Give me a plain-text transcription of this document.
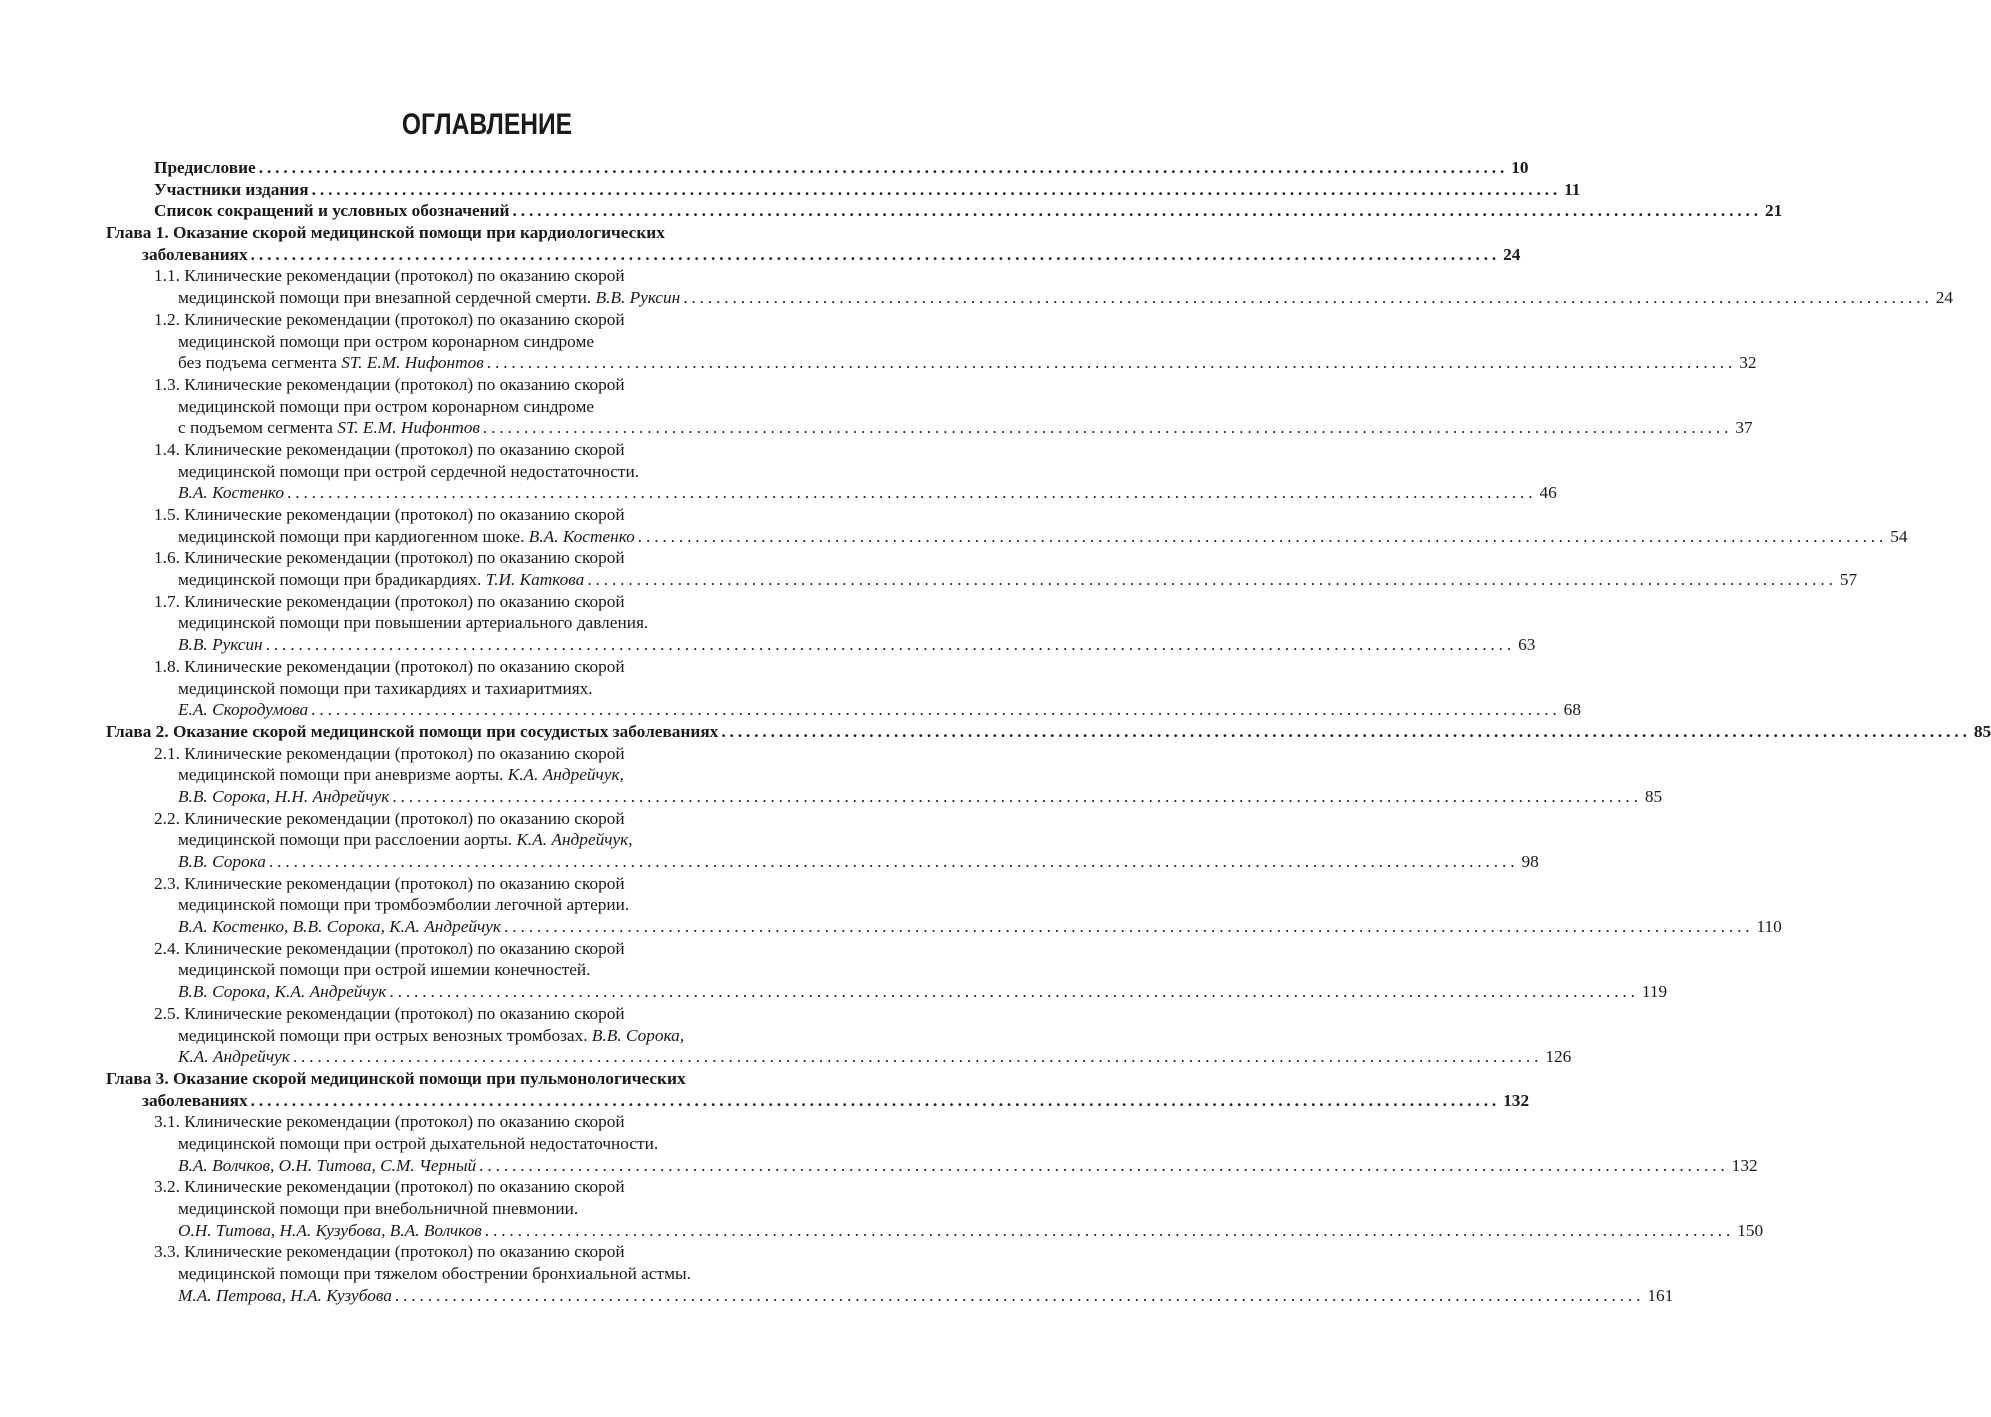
ОГЛАВЛЕНИЕ
Предисловие ........................................................................................................................................................ 10
Участники издания ........................................................................................................................................................ 11
Список сокращений и условных обозначений ........................................................................................................................................................ 21
Глава 1. Оказание скорой медицинской помощи при кардиологических
заболеваниях ........................................................................................................................................................ 24
1.1. Клинические рекомендации (протокол) по оказанию скорой
медицинской помощи при внезапной сердечной смерти. В.В. Руксин ........................................................................................................................................................ 24
1.2. Клинические рекомендации (протокол) по оказанию скорой
медицинской помощи при остром коронарном синдроме
без подъема сегмента ST. Е.М. Нифонтов ........................................................................................................................................................ 32
1.3. Клинические рекомендации (протокол) по оказанию скорой
медицинской помощи при остром коронарном синдроме
с подъемом сегмента ST. Е.М. Нифонтов ........................................................................................................................................................ 37
1.4. Клинические рекомендации (протокол) по оказанию скорой
медицинской помощи при острой сердечной недостаточности.
В.А. Костенко ........................................................................................................................................................ 46
1.5. Клинические рекомендации (протокол) по оказанию скорой
медицинской помощи при кардиогенном шоке. В.А. Костенко ........................................................................................................................................................ 54
1.6. Клинические рекомендации (протокол) по оказанию скорой
медицинской помощи при брадикардиях. Т.И. Каткова ........................................................................................................................................................ 57
1.7. Клинические рекомендации (протокол) по оказанию скорой
медицинской помощи при повышении артериального давления.
В.В. Руксин ........................................................................................................................................................ 63
1.8. Клинические рекомендации (протокол) по оказанию скорой
медицинской помощи при тахикардиях и тахиаритмиях.
Е.А. Скородумова ........................................................................................................................................................ 68
Глава 2. Оказание скорой медицинской помощи при сосудистых заболеваниях ........................................................................................................................................................ 85
2.1. Клинические рекомендации (протокол) по оказанию скорой
медицинской помощи при аневризме аорты. К.А. Андрейчук,
В.В. Сорока, Н.Н. Андрейчук ........................................................................................................................................................ 85
2.2. Клинические рекомендации (протокол) по оказанию скорой
медицинской помощи при расслоении аорты. К.А. Андрейчук,
В.В. Сорока ........................................................................................................................................................ 98
2.3. Клинические рекомендации (протокол) по оказанию скорой
медицинской помощи при тромбоэмболии легочной артерии.
В.А. Костенко, В.В. Сорока, К.А. Андрейчук ........................................................................................................................................................ 110
2.4. Клинические рекомендации (протокол) по оказанию скорой
медицинской помощи при острой ишемии конечностей.
В.В. Сорока, К.А. Андрейчук ........................................................................................................................................................ 119
2.5. Клинические рекомендации (протокол) по оказанию скорой
медицинской помощи при острых венозных тромбозах. В.В. Сорока,
К.А. Андрейчук ........................................................................................................................................................ 126
Глава 3. Оказание скорой медицинской помощи при пульмонологических
заболеваниях ........................................................................................................................................................ 132
3.1. Клинические рекомендации (протокол) по оказанию скорой
медицинской помощи при острой дыхательной недостаточности.
В.А. Волчков, О.Н. Титова, С.М. Черный ........................................................................................................................................................ 132
3.2. Клинические рекомендации (протокол) по оказанию скорой
медицинской помощи при внебольничной пневмонии.
О.Н. Титова, Н.А. Кузубова, В.А. Волчков ........................................................................................................................................................ 150
3.3. Клинические рекомендации (протокол) по оказанию скорой
медицинской помощи при тяжелом обострении бронхиальной астмы.
М.А. Петрова, Н.А. Кузубова ........................................................................................................................................................ 161
